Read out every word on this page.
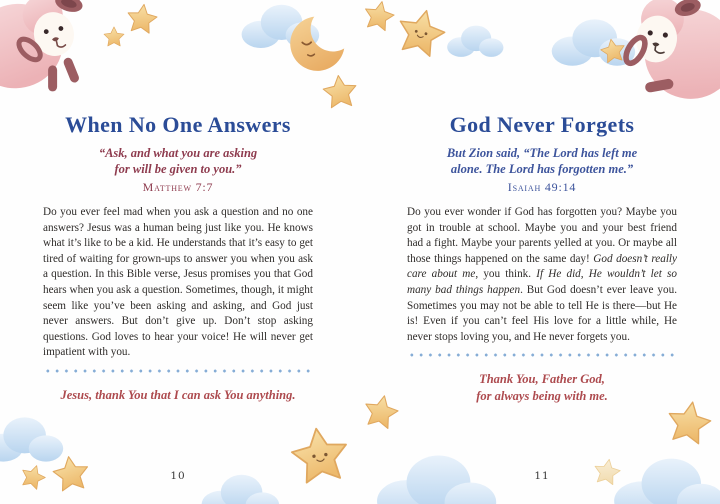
When No One Answers
“Ask, and what you are asking
for will be given to you.”
Matthew 7:7

Do you ever feel mad when you ask a question and no one answers? Jesus was a human being just like you. He knows what it’s like to be a kid. He understands that it’s easy to get tired of waiting for grown-ups to answer you when you ask a question. In this Bible verse, Jesus promises you that God hears when you ask a question. Sometimes, though, it might seem like you’ve been asking and asking, and God just never answers. But don’t give up. Don’t stop asking questions. God loves to hear your voice! He will never get impatient with you.

Jesus, thank You that I can ask You anything.
10
God Never Forgets
But Zion said, “The Lord has left me
alone. The Lord has forgotten me.”
Isaiah 49:14

Do you ever wonder if God has forgotten you? Maybe you got in trouble at school. Maybe you and your best friend had a fight. Maybe your parents yelled at you. Or maybe all those things happened on the same day! God doesn’t really care about me, you think. If He did, He wouldn’t let so many bad things happen. But God doesn’t ever leave you. Sometimes you may not be able to tell He is there—but He is! Even if you can’t feel His love for a little while, He never stops loving you, and He never forgets you.

Thank You, Father God,
for always being with me.
11
